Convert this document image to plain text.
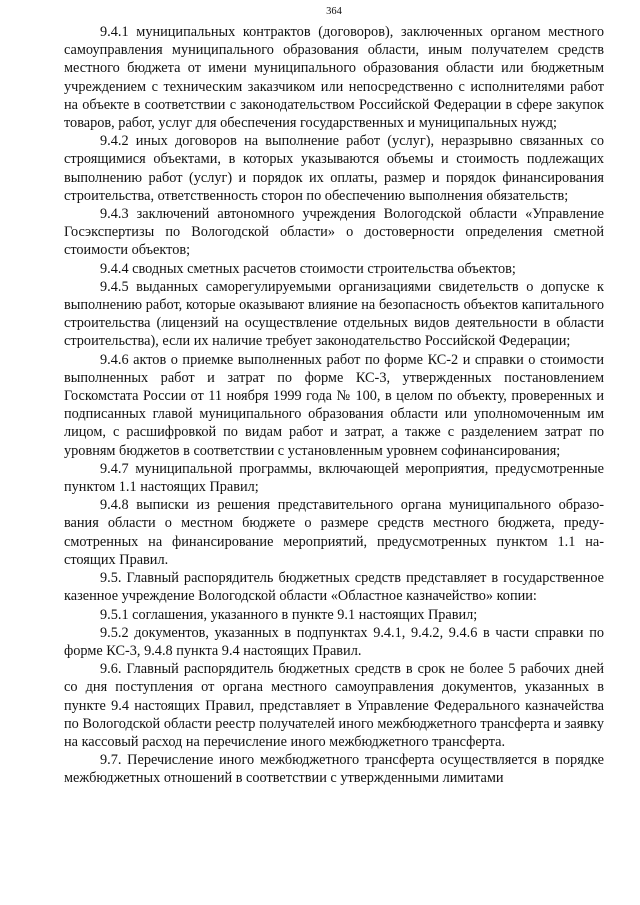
364

9.4.1 муниципальных контрактов (договоров), заключенных органом местного самоуправления муниципального образования области, иным получателем средств местного бюджета от имени муниципального образования области или бюджетным учреждением с техническим заказчиком или непосредственно с исполнителями работ на объекте в соответствии с законодательством Российской Федерации в сфере закупок товаров, работ, услуг для обеспечения государственных и муниципальных нужд;

9.4.2 иных договоров на выполнение работ (услуг), неразрывно связанных со строящимися объектами, в которых указываются объемы и стоимость подлежащих выполнению работ (услуг) и порядок их оплаты, размер и порядок финансирования строительства, ответственность сторон по обеспечению выполнения обязательств;

9.4.3 заключений автономного учреждения Вологодской области «Управление Госэкспертизы по Вологодской области» о достоверности определения сметной стоимости объектов;

9.4.4 сводных сметных расчетов стоимости строительства объектов;

9.4.5 выданных саморегулируемыми организациями свидетельств о допуске к выполнению работ, которые оказывают влияние на безопасность объектов капитального строительства (лицензий на осуществление отдельных видов деятельности в области строительства), если их наличие требует законодательство Российской Федерации;

9.4.6 актов о приемке выполненных работ по форме КС-2 и справки о стоимости выполненных работ и затрат по форме КС-3, утвержденных постановлением Госкомстата России от 11 ноября 1999 года № 100, в целом по объекту, проверенных и подписанных главой муниципального образования области или уполномоченным им лицом, с расшифровкой по видам работ и затрат, а также с разделением затрат по уровням бюджетов в соответствии с установленным уровнем софинансирования;

9.4.7 муниципальной программы, включающей мероприятия, предусмотренные пунктом 1.1 настоящих Правил;

9.4.8 выписки из решения представительного органа муниципального образования области о местном бюджете о размере средств местного бюджета, предусмотренных на финансирование мероприятий, предусмотренных пунктом 1.1 настоящих Правил.

9.5. Главный распорядитель бюджетных средств представляет в государственное казенное учреждение Вологодской области «Областное казначейство» копии:

9.5.1 соглашения, указанного в пункте 9.1 настоящих Правил;

9.5.2 документов, указанных в подпунктах 9.4.1, 9.4.2, 9.4.6 в части справки по форме КС-3, 9.4.8 пункта 9.4 настоящих Правил.

9.6. Главный распорядитель бюджетных средств в срок не более 5 рабочих дней со дня поступления от органа местного самоуправления документов, указанных в пункте 9.4 настоящих Правил, представляет в Управление Федерального казначейства по Вологодской области реестр получателей иного межбюджетного трансферта и заявку на кассовый расход на перечисление иного межбюджетного трансферта.

9.7. Перечисление иного межбюджетного трансферта осуществляется в порядке межбюджетных отношений в соответствии с утвержденными лимитами
